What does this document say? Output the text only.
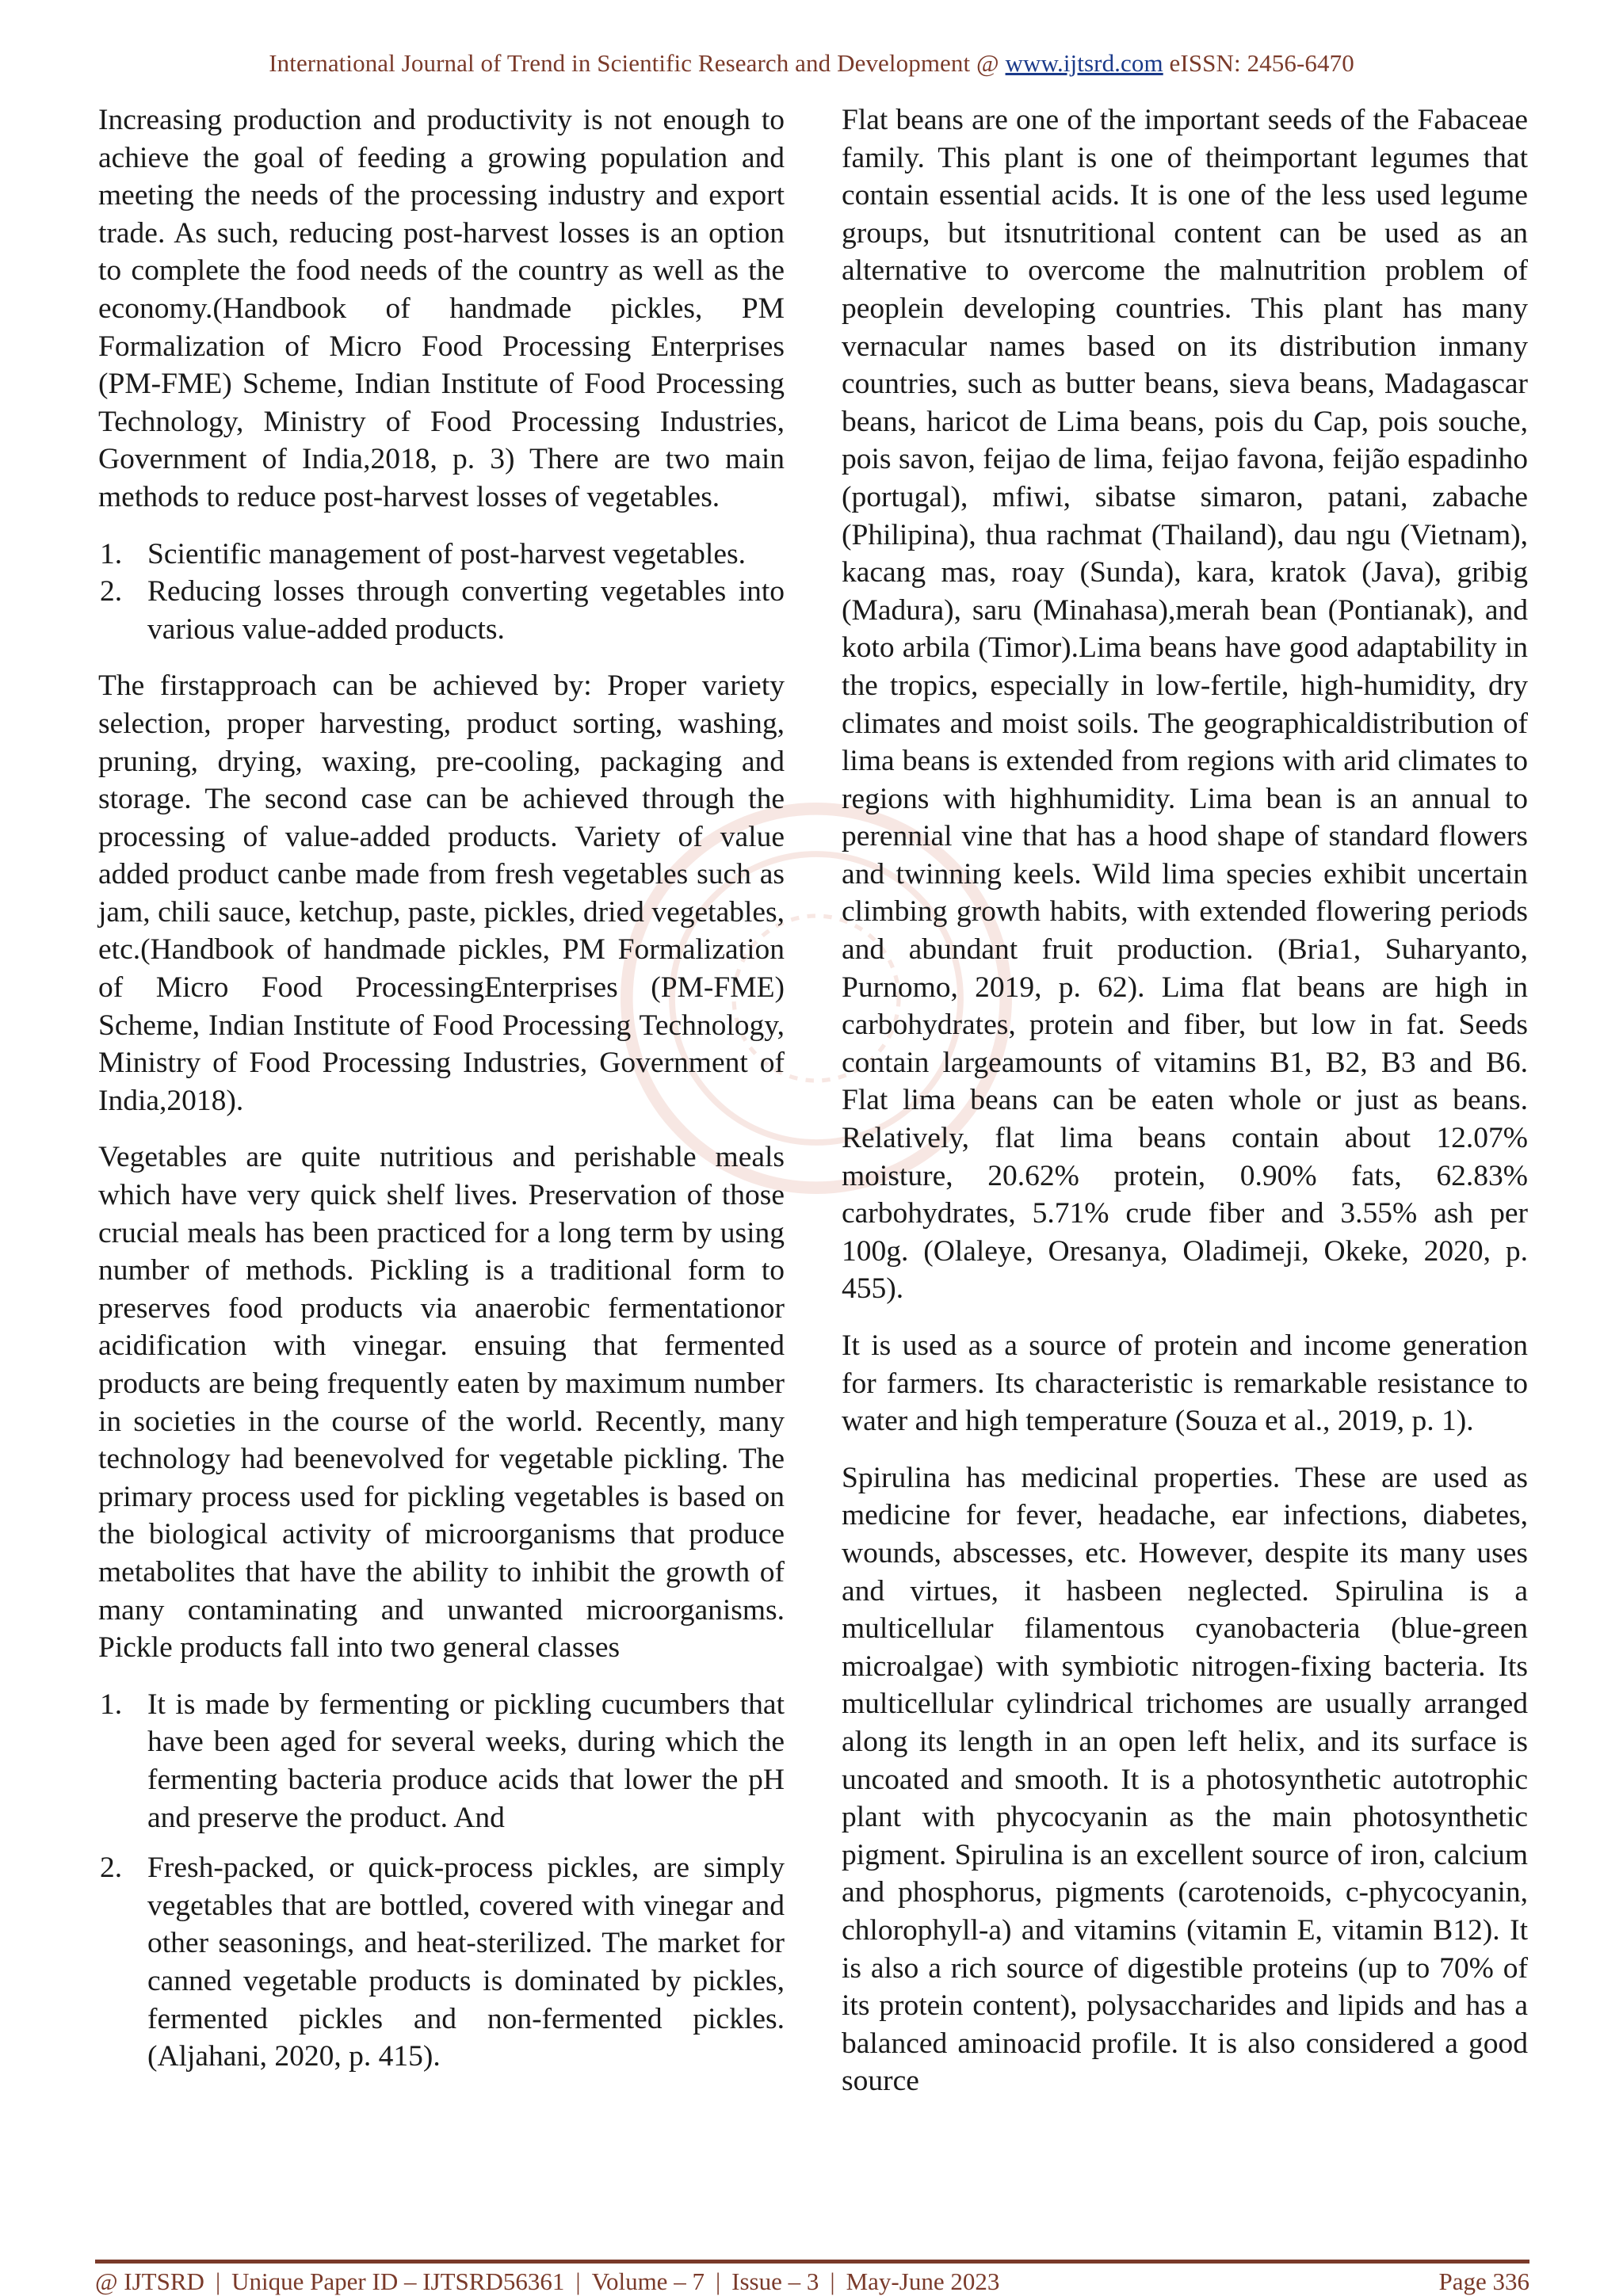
International Journal of Trend in Scientific Research and Development @ www.ijtsrd.com eISSN: 2456-6470

Increasing production and productivity is not enough to achieve the goal of feeding a growing population and meeting the needs of the processing industry and export trade. As such, reducing post-harvest losses is an option to complete the food needs of the country as well as the economy.(Handbook of handmade pickles, PM Formalization of Micro Food Processing Enterprises (PM-FME) Scheme, Indian Institute of Food Processing Technology, Ministry of Food Processing Industries, Government of India,2018, p. 3) There are two main methods to reduce post-harvest losses of vegetables.

1. Scientific management of post-harvest vegetables.
2. Reducing losses through converting vegetables into various value-added products.

The firstapproach can be achieved by: Proper variety selection, proper harvesting, product sorting, washing, pruning, drying, waxing, pre-cooling, packaging and storage. The second case can be achieved through the processing of value-added products. Variety of value added product canbe made from fresh vegetables such as jam, chili sauce, ketchup, paste, pickles, dried vegetables, etc.(Handbook of handmade pickles, PM Formalization of Micro Food ProcessingEnterprises (PM-FME) Scheme, Indian Institute of Food Processing Technology, Ministry of Food Processing Industries, Government of India,2018).

Vegetables are quite nutritious and perishable meals which have very quick shelf lives. Preservation of those crucial meals has been practiced for a long term by using number of methods. Pickling is a traditional form to preserves food products via anaerobic fermentationor acidification with vinegar. ensuing that fermented products are being frequently eaten by maximum number in societies in the course of the world. Recently, many technology had beenevolved for vegetable pickling. The primary process used for pickling vegetables is based on the biological activity of microorganisms that produce metabolites that have the ability to inhibit the growth of many contaminating and unwanted microorganisms. Pickle products fall into two general classes

1. It is made by fermenting or pickling cucumbers that have been aged for several weeks, during which the fermenting bacteria produce acids that lower the pH and preserve the product. And
2. Fresh-packed, or quick-process pickles, are simply vegetables that are bottled, covered with vinegar and other seasonings, and heat-sterilized. The market for canned vegetable products is dominated by pickles, fermented pickles and non-fermented pickles. (Aljahani, 2020, p. 415).

Flat beans are one of the important seeds of the Fabaceae family. This plant is one of theimportant legumes that contain essential acids. It is one of the less used legume groups, but itsnutritional content can be used as an alternative to overcome the malnutrition problem of peoplein developing countries. This plant has many vernacular names based on its distribution inmany countries, such as butter beans, sieva beans, Madagascar beans, haricot de Lima beans, pois du Cap, pois souche, pois savon, feijao de lima, feijao favona, feijão espadinho (portugal), mfiwi, sibatse simaron, patani, zabache (Philipina), thua rachmat (Thailand), dau ngu (Vietnam), kacang mas, roay (Sunda), kara, kratok (Java), gribig (Madura), saru (Minahasa),merah bean (Pontianak), and koto arbila (Timor).Lima beans have good adaptability in the tropics, especially in low-fertile, high-humidity, dry climates and moist soils. The geographicaldistribution of lima beans is extended from regions with arid climates to regions with highhumidity. Lima bean is an annual to perennial vine that has a hood shape of standard flowers and twinning keels. Wild lima species exhibit uncertain climbing growth habits, with extended flowering periods and abundant fruit production. (Bria1, Suharyanto, Purnomo, 2019, p. 62). Lima flat beans are high in carbohydrates, protein and fiber, but low in fat. Seeds contain largeamounts of vitamins B1, B2, B3 and B6. Flat lima beans can be eaten whole or just as beans. Relatively, flat lima beans contain about 12.07% moisture, 20.62% protein, 0.90% fats, 62.83% carbohydrates, 5.71% crude fiber and 3.55% ash per 100g. (Olaleye, Oresanya, Oladimeji, Okeke, 2020, p. 455).

It is used as a source of protein and income generation for farmers. Its characteristic is remarkable resistance to water and high temperature (Souza et al., 2019, p. 1).

Spirulina has medicinal properties. These are used as medicine for fever, headache, ear infections, diabetes, wounds, abscesses, etc. However, despite its many uses and virtues, it hasbeen neglected. Spirulina is a multicellular filamentous cyanobacteria (blue-green microalgae) with symbiotic nitrogen-fixing bacteria. Its multicellular cylindrical trichomes are usually arranged along its length in an open left helix, and its surface is uncoated and smooth. It is a photosynthetic autotrophic plant with phycocyanin as the main photosynthetic pigment. Spirulina is an excellent source of iron, calcium and phosphorus, pigments (carotenoids, c-phycocyanin, chlorophyll-a) and vitamins (vitamin E, vitamin B12). It is also a rich source of digestible proteins (up to 70% of its protein content), polysaccharides and lipids and has a balanced aminoacid profile. It is also considered a good source

@ IJTSRD | Unique Paper ID – IJTSRD56361 | Volume – 7 | Issue – 3 | May-June 2023	Page 336
